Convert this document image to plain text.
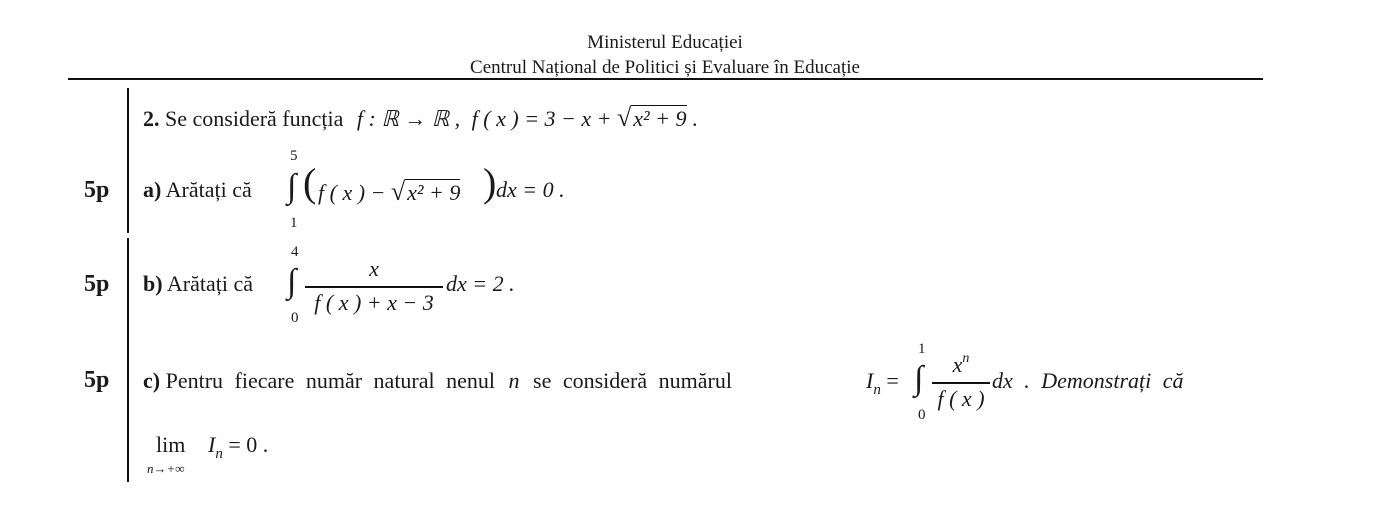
Ministerul Educației
Centrul Național de Politici și Evaluare în Educație
2. Se consideră funcția f : ℝ → ℝ , f ( x ) = 3 − x + √x² + 9 .
5p a) Arătați că
5
∫
1
( f ( x ) − √x² + 9 ) dx = 0 .
5p b) Arătați că
4
∫
0
x
f ( x ) + x − 3
dx = 2 .
5p c) Pentru fiecare număr natural nenul n se consideră numărul	$I_n$ =
1
∫
0
$x^n$
f ( x )
dx . Demonstrați că
lim
n→+∞
$I_n = 0$ .
